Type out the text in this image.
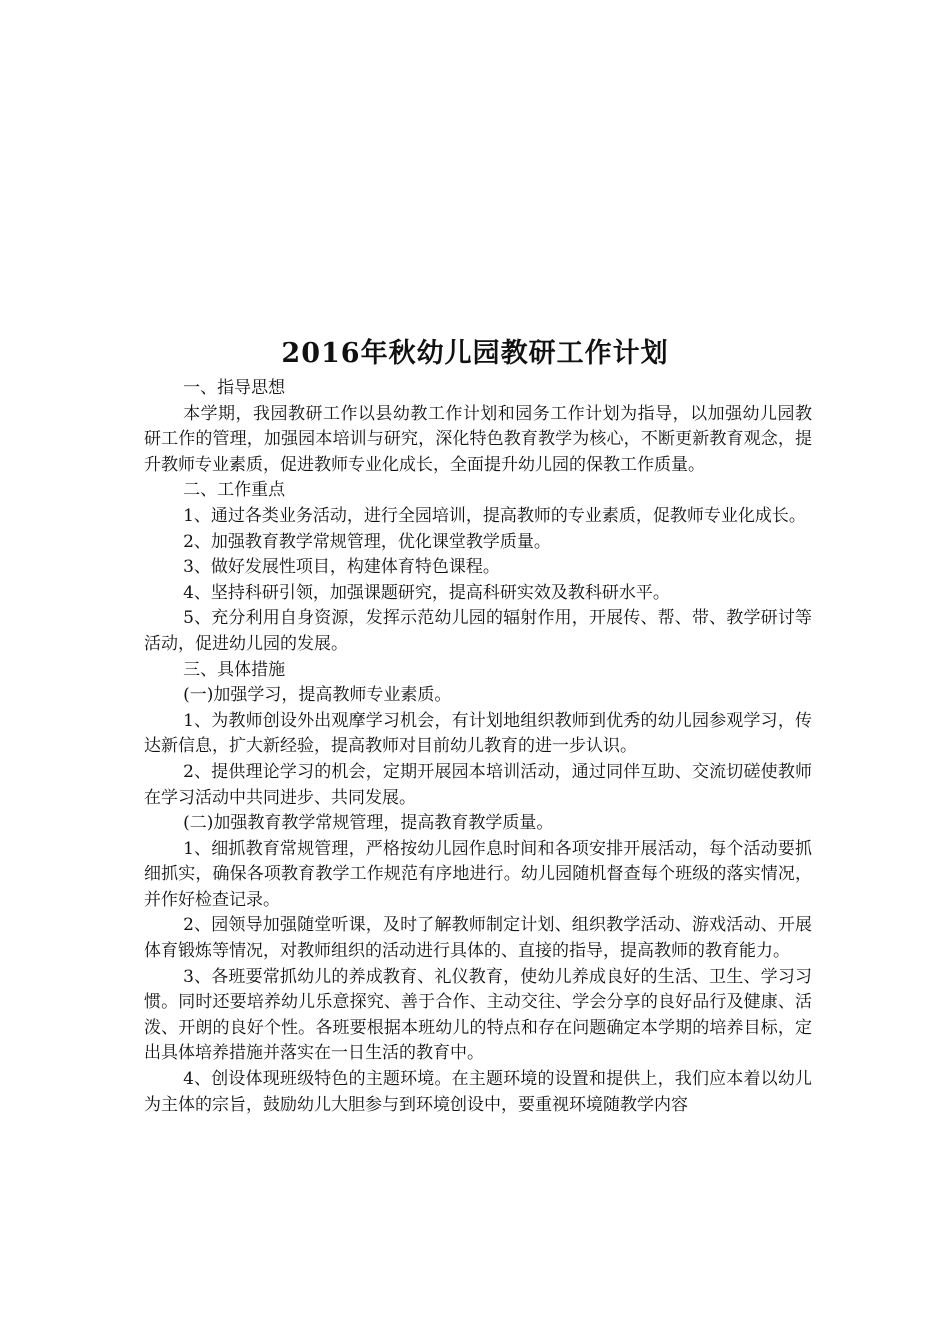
2016年秋幼儿园教研工作计划

一、指导思想

本学期，我园教研工作以县幼教工作计划和园务工作计划为指导，以加强幼儿园教研工作的管理，加强园本培训与研究，深化特色教育教学为核心，不断更新教育观念，提升教师专业素质，促进教师专业化成长，全面提升幼儿园的保教工作质量。

二、工作重点

1、通过各类业务活动，进行全园培训，提高教师的专业素质，促教师专业化成长。

2、加强教育教学常规管理，优化课堂教学质量。

3、做好发展性项目，构建体育特色课程。

4、坚持科研引领，加强课题研究，提高科研实效及教科研水平。

5、充分利用自身资源，发挥示范幼儿园的辐射作用，开展传、帮、带、教学研讨等活动，促进幼儿园的发展。

三、具体措施

(一)加强学习，提高教师专业素质。

1、为教师创设外出观摩学习机会，有计划地组织教师到优秀的幼儿园参观学习，传达新信息，扩大新经验，提高教师对目前幼儿教育的进一步认识。

2、提供理论学习的机会，定期开展园本培训活动，通过同伴互助、交流切磋使教师在学习活动中共同进步、共同发展。

(二)加强教育教学常规管理，提高教育教学质量。

1、细抓教育常规管理，严格按幼儿园作息时间和各项安排开展活动，每个活动要抓细抓实，确保各项教育教学工作规范有序地进行。幼儿园随机督查每个班级的落实情况，并作好检查记录。

2、园领导加强随堂听课，及时了解教师制定计划、组织教学活动、游戏活动、开展体育锻炼等情况，对教师组织的活动进行具体的、直接的指导，提高教师的教育能力。

3、各班要常抓幼儿的养成教育、礼仪教育，使幼儿养成良好的生活、卫生、学习习惯。同时还要培养幼儿乐意探究、善于合作、主动交往、学会分享的良好品行及健康、活泼、开朗的良好个性。各班要根据本班幼儿的特点和存在问题确定本学期的培养目标，定出具体培养措施并落实在一日生活的教育中。

4、创设体现班级特色的主题环境。在主题环境的设置和提供上，我们应本着以幼儿为主体的宗旨，鼓励幼儿大胆参与到环境创设中，要重视环境随教学内容
